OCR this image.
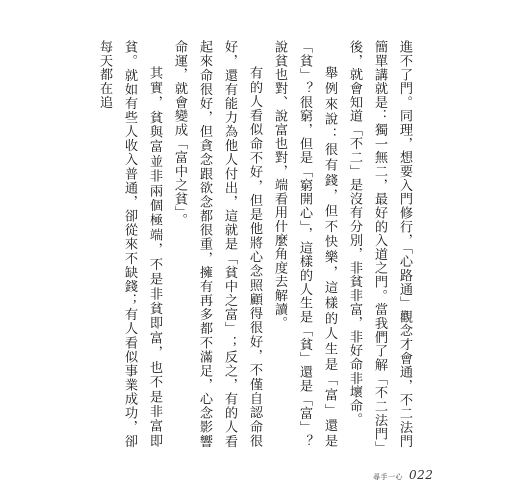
進不了門。同理，想要入門修行，「心路通」觀念才會通，不二法門簡單講就是：獨一無二，最好的入道之門。當我們了解「不二法門」後，就會知道「不二」是沒有分別，非貧非富，非好命非壞命。

舉例來說：很有錢，但不快樂，這樣的人生是「富」還是「貧」？很窮，但是「窮開心」，這樣的人生是「貧」還是「富」？說貧也對、說富也對，端看用什麼角度去解讀。

有的人看似命不好，但是他將心念照顧得很好，不僅自認命很好，還有能力為他人付出，這就是「貧中之富」；反之，有的人看起來命很好，但貪念跟欲念都很重，擁有再多都不滿足，心念影響命運，就會變成「富中之貧」。

其實，貧與富並非兩個極端，不是非貧即富，也不是非富即貧。就如有些人收入普通，卻從來不缺錢；有人看似事業成功，卻每天都在追

尋手一心 022
